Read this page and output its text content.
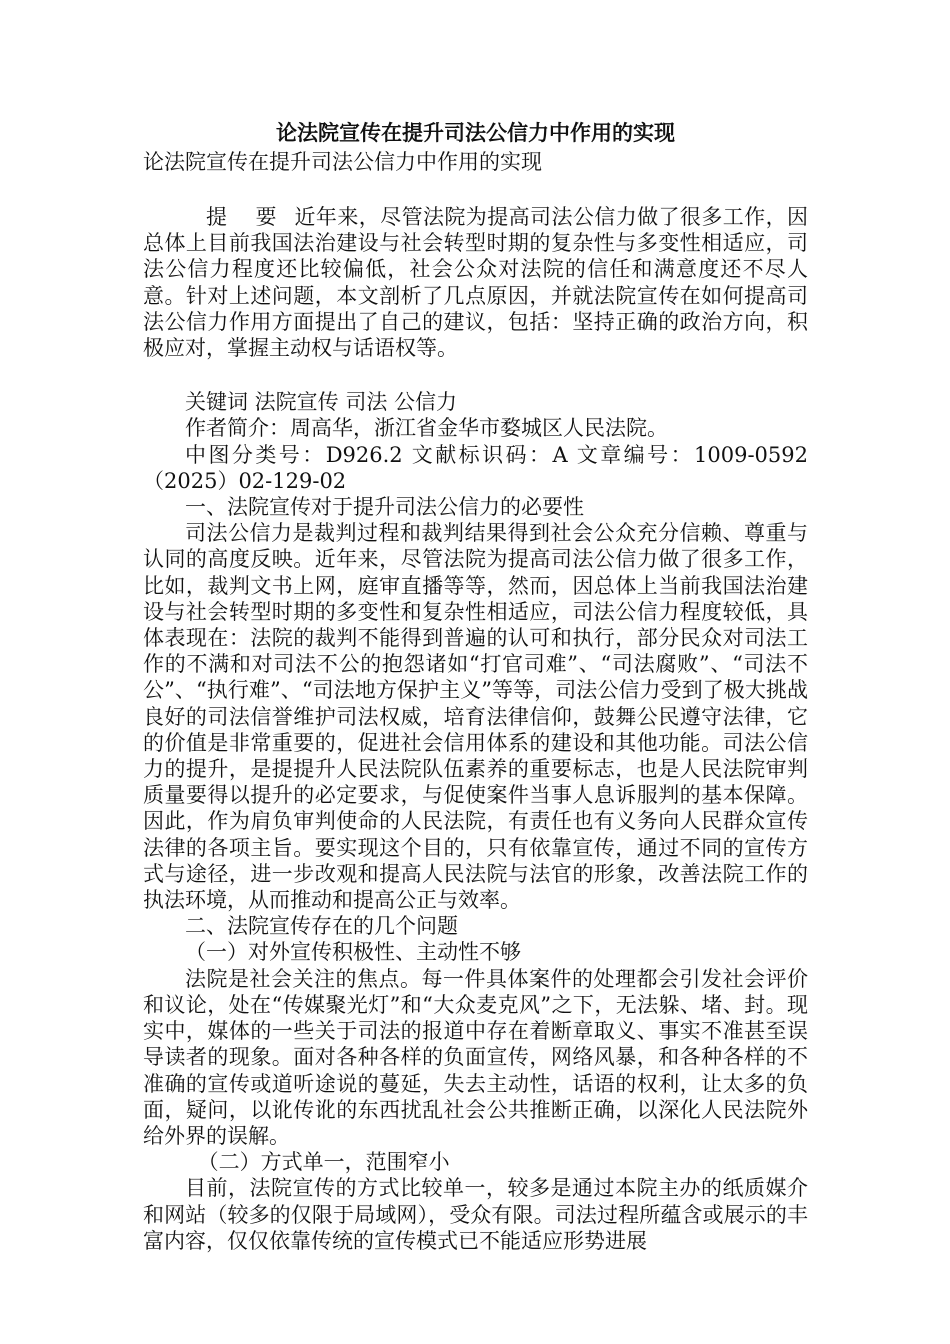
论法院宣传在提升司法公信力中作用的实现

论法院宣传在提升司法公信力中作用的实现

提 要 近年来，尽管法院为提高司法公信力做了很多工作，因总体上目前我国法治建设与社会转型时期的复杂性与多变性相适应，司法公信力程度还比较偏低，社会公众对法院的信任和满意度还不尽人意。针对上述问题，本文剖析了几点原因，并就法院宣传在如何提高司法公信力作用方面提出了自己的建议，包括：坚持正确的政治方向，积极应对，掌握主动权与话语权等。

关键词 法院宣传 司法 公信力

作者简介：周高华，浙江省金华市婺城区人民法院。

中图分类号：D926.2 文献标识码：A 文章编号：1009-0592（2025）02-129-02

一、法院宣传对于提升司法公信力的必要性

司法公信力是裁判过程和裁判结果得到社会公众充分信赖、尊重与认同的高度反映。近年来，尽管法院为提高司法公信力做了很多工作，比如，裁判文书上网，庭审直播等等，然而，因总体上当前我国法治建设与社会转型时期的多变性和复杂性相适应，司法公信力程度较低，具体表现在：法院的裁判不能得到普遍的认可和执行，部分民众对司法工作的不满和对司法不公的抱怨诸如“打官司难”、“司法腐败”、“司法不公”、“执行难”、“司法地方保护主义”等等，司法公信力受到了极大挑战良好的司法信誉维护司法权威，培育法律信仰，鼓舞公民遵守法律，它的价值是非常重要的，促进社会信用体系的建设和其他功能。司法公信力的提升，是提提升人民法院队伍素养的重要标志，也是人民法院审判质量要得以提升的必定要求，与促使案件当事人息诉服判的基本保障。因此，作为肩负审判使命的人民法院，有责任也有义务向人民群众宣传法律的各项主旨。要实现这个目的，只有依靠宣传，通过不同的宣传方式与途径，进一步改观和提高人民法院与法官的形象，改善法院工作的执法环境，从而推动和提高公正与效率。

二、法院宣传存在的几个问题

（一）对外宣传积极性、主动性不够

法院是社会关注的焦点。每一件具体案件的处理都会引发社会评价和议论，处在“传媒聚光灯”和“大众麦克风”之下，无法躲、堵、封。现实中，媒体的一些关于司法的报道中存在着断章取义、事实不准甚至误导读者的现象。面对各种各样的负面宣传，网络风暴，和各种各样的不准确的宣传或道听途说的蔓延，失去主动性，话语的权利，让太多的负面，疑问，以讹传讹的东西扰乱社会公共推断正确，以深化人民法院外给外界的误解。

（二）方式单一，范围窄小

目前，法院宣传的方式比较单一，较多是通过本院主办的纸质媒介和网站（较多的仅限于局域网），受众有限。司法过程所蕴含或展示的丰富内容，仅仅依靠传统的宣传模式已不能适应形势进展
